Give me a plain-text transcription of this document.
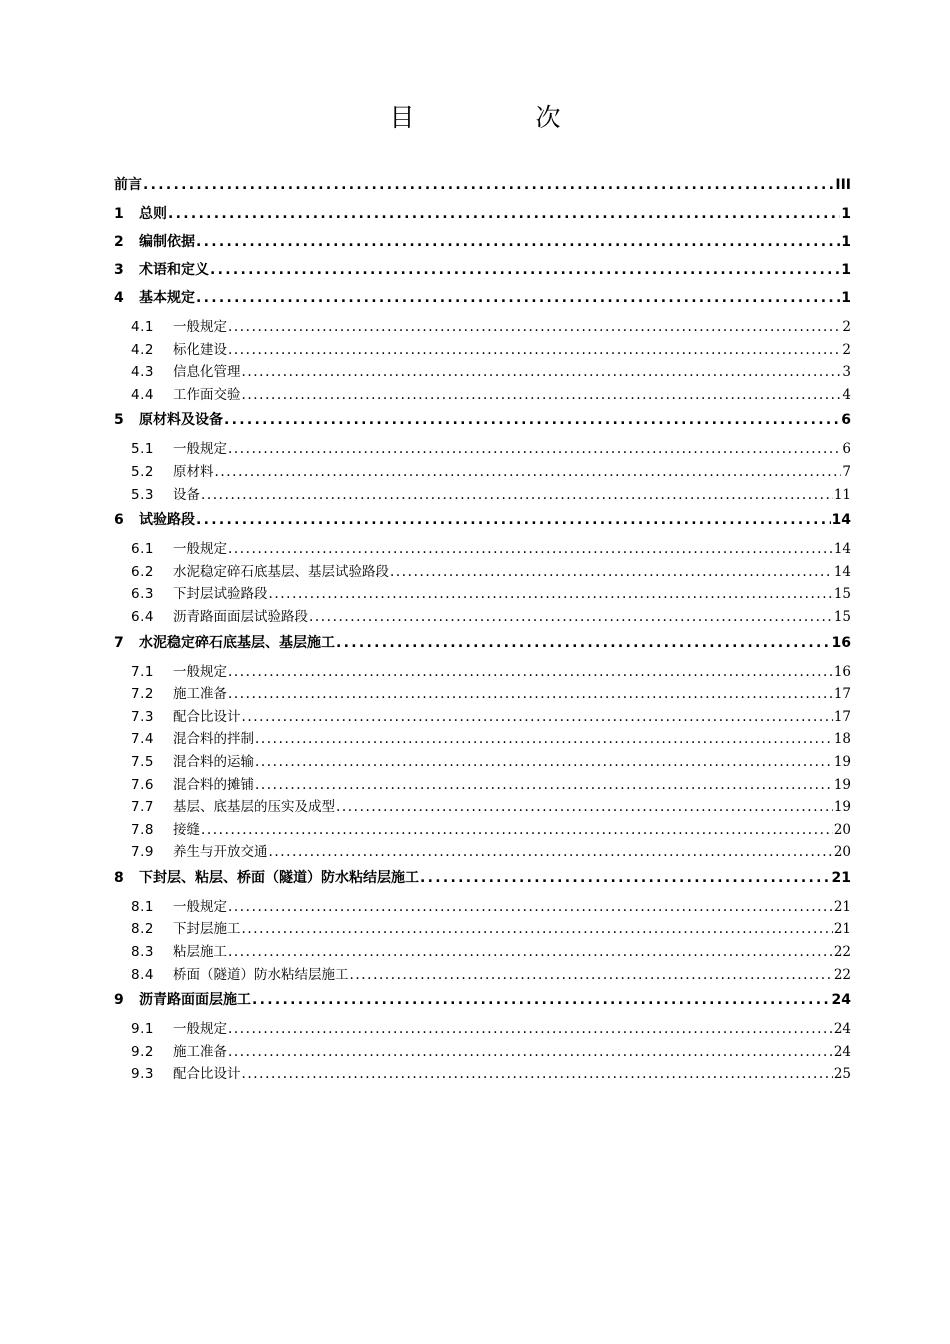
目　次
前言 .....	III
1	总则 .....	1
2	编制依据 .....	1
3	术语和定义 .....	1
4	基本规定 .....	1
4.1	一般规定 .....	2
4.2	标化建设 .....	2
4.3	信息化管理 .....	3
4.4	工作面交验 .....	4
5	原材料及设备 .....	6
5.1	一般规定 .....	6
5.2	原材料 .....	7
5.3	设备 .....	11
6	试验路段 .....	14
6.1	一般规定 .....	14
6.2	水泥稳定碎石底基层、基层试验路段 .....	14
6.3	下封层试验路段 .....	15
6.4	沥青路面面层试验路段 .....	15
7	水泥稳定碎石底基层、基层施工 .....	16
7.1	一般规定 .....	16
7.2	施工准备 .....	17
7.3	配合比设计 .....	17
7.4	混合料的拌制 .....	18
7.5	混合料的运输 .....	19
7.6	混合料的摊铺 .....	19
7.7	基层、底基层的压实及成型 .....	19
7.8	接缝 .....	20
7.9	养生与开放交通 .....	20
8	下封层、粘层、桥面（隧道）防水粘结层施工 .....	21
8.1	一般规定 .....	21
8.2	下封层施工 .....	21
8.3	粘层施工 .....	22
8.4	桥面（隧道）防水粘结层施工 .....	22
9	沥青路面面层施工 .....	24
9.1	一般规定 .....	24
9.2	施工准备 .....	24
9.3	配合比设计 .....	25
